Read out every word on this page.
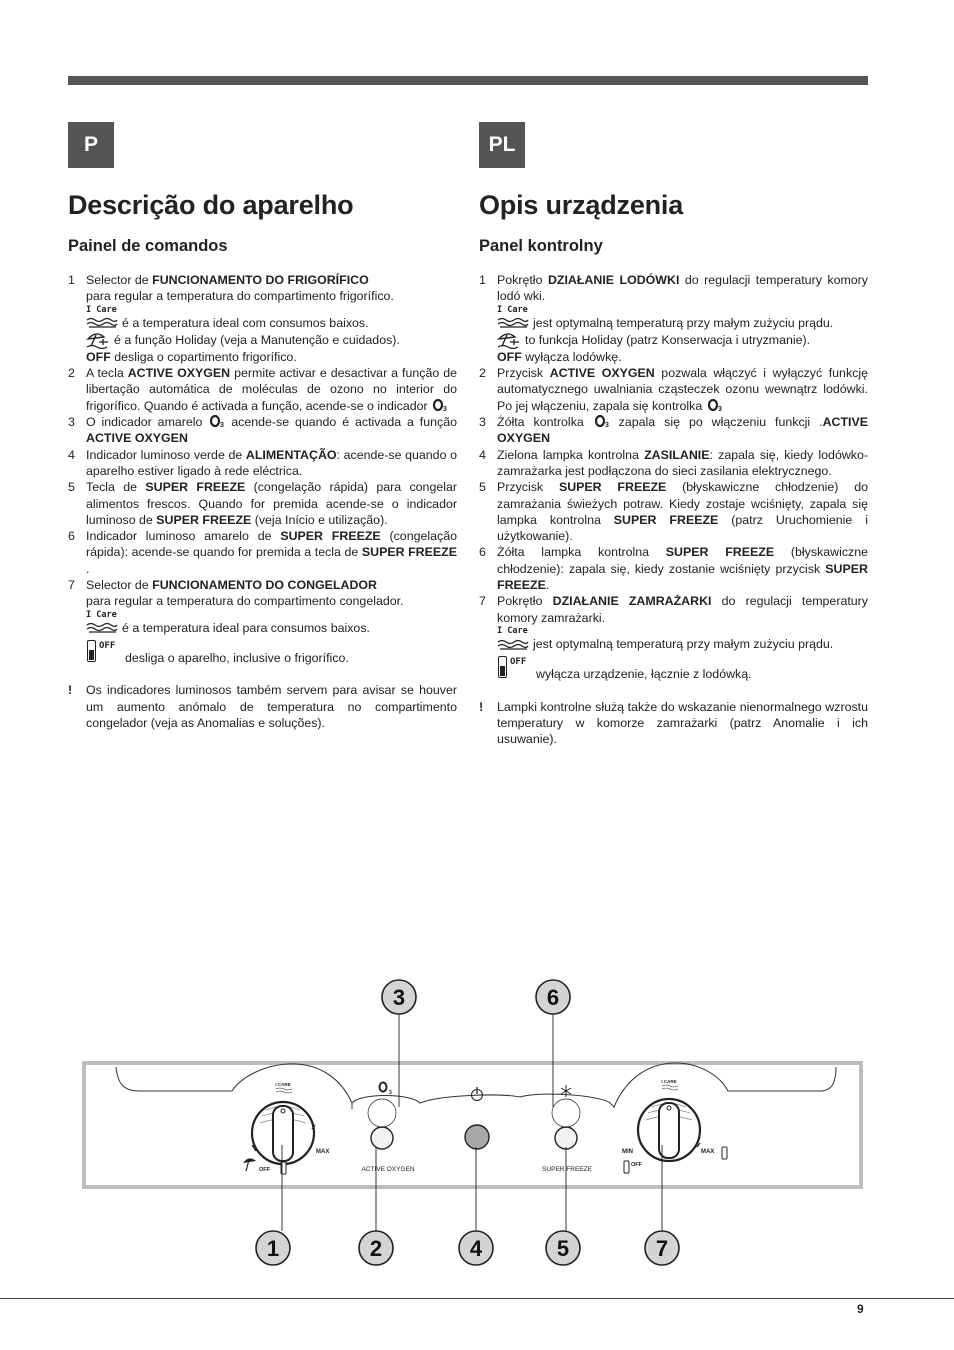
P
Descrição do aparelho
Painel de comandos
1 Selector de FUNCIONAMENTO DO FRIGORÍFICO
para regular a temperatura do compartimento frigorífico.
I Care
é a temperatura ideal com consumos baixos.
é a função Holiday (veja a Manutenção e cuidados).
OFF desliga o copartimento frigorífico.
2 A tecla ACTIVE OXYGEN permite activar e desactivar a função de libertação automática de moléculas de ozono no interior do frigorífico. Quando é activada a função, acende-se o indicador 3
3 O indicador amarelo	3 acende-se quando é activada a função ACTIVE OXYGEN
4 Indicador luminoso verde de ALIMENTAÇÃO: acende-se quando o aparelho estiver ligado à rede eléctrica.
5 Tecla de SUPER FREEZE (congelação rápida) para congelar alimentos frescos. Quando for premida acende-se o indicador luminoso de SUPER FREEZE (veja Início e utilização).
6 Indicador luminoso amarelo de SUPER FREEZE (congelação rápida): acende-se quando for premida a tecla de SUPER FREEZE .
7 Selector de FUNCIONAMENTO DO CONGELADOR
para regular a temperatura do compartimento congelador.
I Care
é a temperatura ideal para consumos baixos.
OFF
desliga o aparelho, inclusive o frigorífico.
!	Os indicadores luminosos também servem para avisar se houver um aumento anómalo de temperatura no compartimento congelador (veja as Anomalias e soluções).
PL
Opis urządzenia
Panel kontrolny
1 Pokrętło DZIAŁANIE LODÓWKI do regulacji temperatury komory lodó wki.
I Care
jest optymalną temperaturą przy małym zużyciu prądu.
to funkcja Holiday (patrz Konserwacja i utryzmanie).
OFF wyłącza lodówkę.
2 Przycisk ACTIVE OXYGEN pozwala włączyć i wyłączyć funkcję automatycznego uwalniania cząsteczek ozonu wewnątrz lodówki. Po jej włączeniu, zapala się kontrolka 3
3 Żółta kontrolka	3 zapala się po włączeniu funkcji .ACTIVE OXYGEN
4 Zielona lampka kontrolna ZASILANIE: zapala się, kiedy lodówko-zamrażarka jest podłączona do sieci zasilania elektrycznego.
5 Przycisk SUPER FREEZE (błyskawiczne chłodzenie) do zamrażania świeżych potraw. Kiedy zostaje wciśnięty, zapala się lampka kontrolna SUPER FREEZE (patrz Uruchomienie i użytkowanie).
6 Żółta lampka kontrolna SUPER FREEZE (błyskawiczne chłodzenie): zapala się, kiedy zostanie wciśnięty przycisk SUPER FREEZE.
7 Pokrętło DZIAŁANIE ZAMRAŻARKI do regulacji temperatury komory zamrażarki.
I Care
jest optymalną temperaturą przy małym zużyciu prądu.
OFF
wyłącza urządzenie, łącznie z lodówką.
!	Lampki kontrolne służą także do wskazanie nienormalnego wzrostu temperatury w komorze zamrażarki (patrz Anomalie i ich usuwanie).
I CARE
MAX
OFF
3
ACTIVE OXYGEN	SUPER FREEZE
I CARE
MIN	MAX
OFF
3	6
1	2	4	5	7
9
